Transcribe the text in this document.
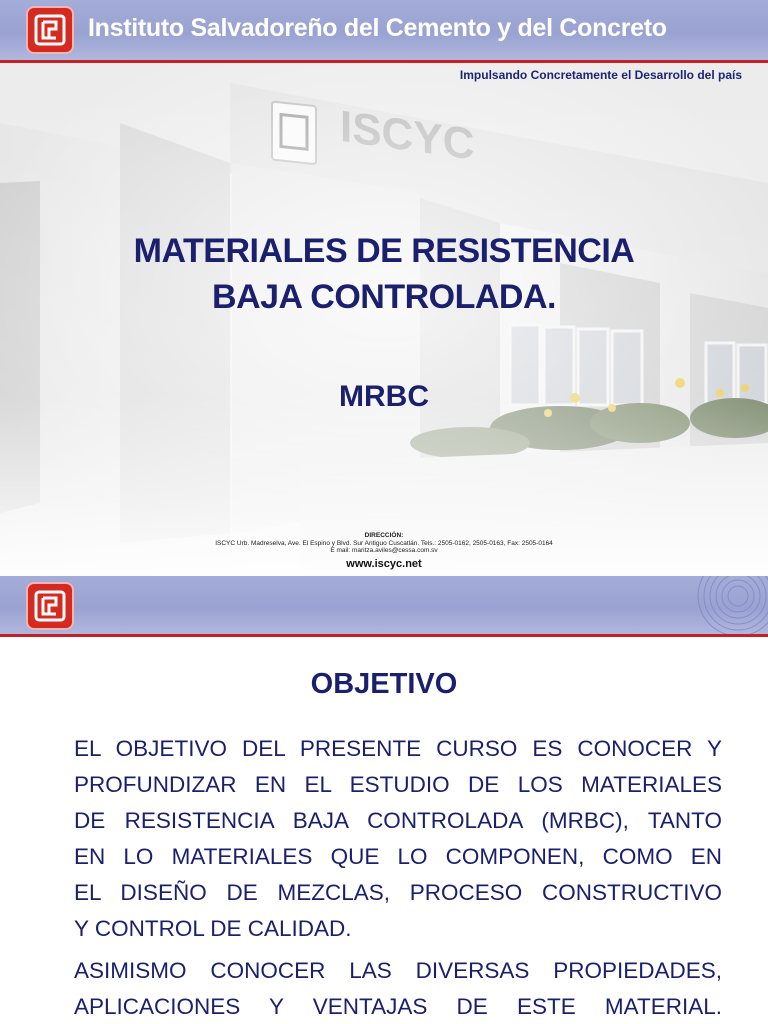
Instituto Salvadoreño del Cemento y del Concreto
Impulsando Concretamente el Desarrollo del país
MATERIALES DE RESISTENCIA
BAJA CONTROLADA.
MRBC
DIRECCIÓN:
ISCYC Urb. Madreselva, Ave. El Espino y Blvd. Sur Antiguo Cuscatlán. Tels.: 2505-0162, 2505-0163, Fax: 2505-0164
E mail: maritza.aviles@cessa.com.sv
www.iscyc.net
OBJETIVO

EL OBJETIVO DEL PRESENTE CURSO ES CONOCER Y
PROFUNDIZAR EN EL ESTUDIO DE LOS MATERIALES
DE RESISTENCIA BAJA CONTROLADA (MRBC), TANTO
EN LO MATERIALES QUE LO COMPONEN, COMO EN
EL DISEÑO DE MEZCLAS, PROCESO CONSTRUCTIVO
Y CONTROL DE CALIDAD.

ASIMISMO CONOCER LAS DIVERSAS PROPIEDADES,
APLICACIONES Y VENTAJAS DE ESTE MATERIAL.
